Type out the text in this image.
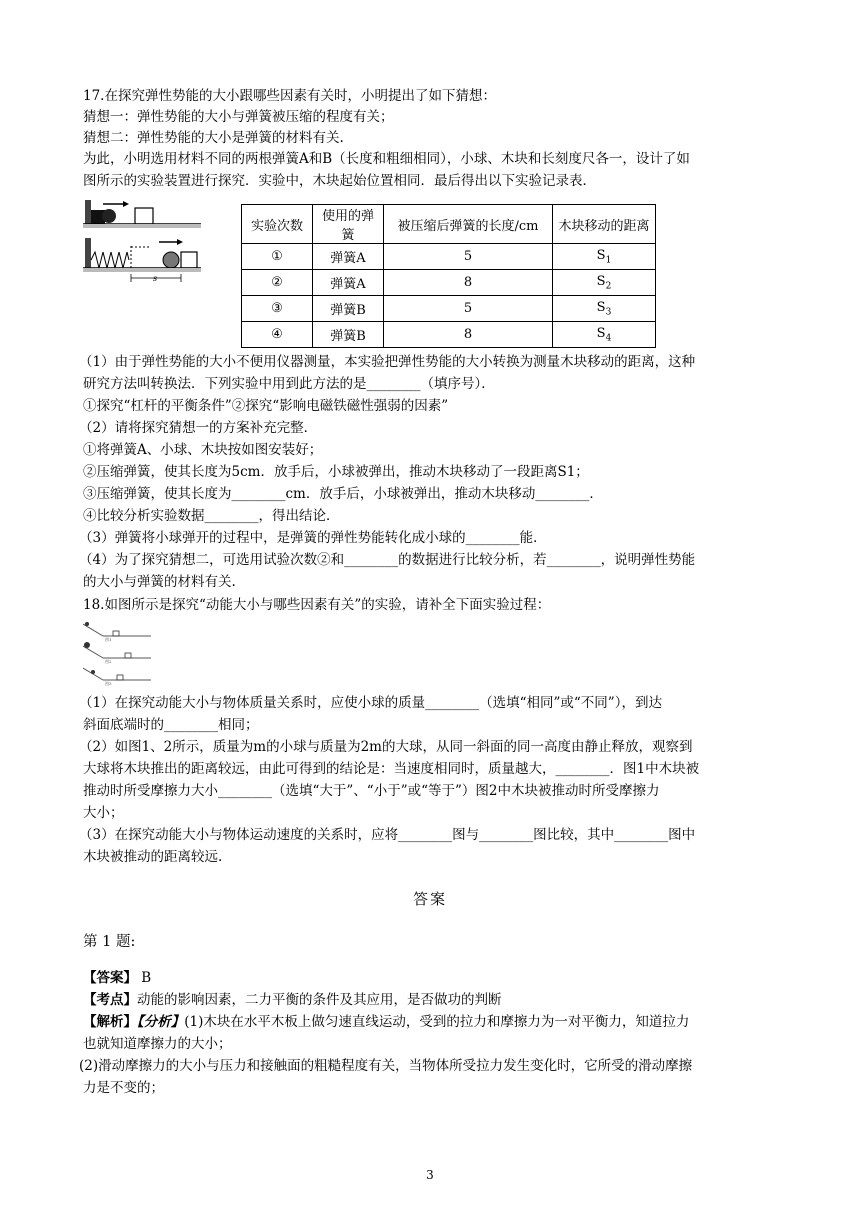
17.在探究弹性势能的大小跟哪些因素有关时，小明提出了如下猜想：
猜想一：弹性势能的大小与弹簧被压缩的程度有关；
猜想二：弹性势能的大小是弹簧的材料有关.
为此，小明选用材料不同的两根弹簧A和B（长度和粗细相同），小球、木块和长刻度尺各一，设计了如
图所示的实验装置进行探究．实验中，木块起始位置相同．最后得出以下实验记录表．
s
实验次数	使用的弹簧	被压缩后弹簧的长度/cm	木块移动的距离
①	弹簧A	5	$S_1$
②	弹簧A	8	$S_2$
③	弹簧B	5	$S_3$
④	弹簧B	8	$S_4$
（1）由于弹性势能的大小不便用仪器测量，本实验把弹性势能的大小转换为测量木块移动的距离，这种
研究方法叫转换法．下列实验中用到此方法的是________（填序号）．
①探究“杠杆的平衡条件”②探究“影响电磁铁磁性强弱的因素”
（2）请将探究猜想一的方案补充完整．
①将弹簧A、小球、木块按如图安装好；
②压缩弹簧，使其长度为5cm．放手后，小球被弹出，推动木块移动了一段距离S1；
③压缩弹簧，使其长度为________cm．放手后，小球被弹出，推动木块移动________．
④比较分析实验数据________，得出结论．
（3）弹簧将小球弹开的过程中，是弹簧的弹性势能转化成小球的________能．
（4）为了探究猜想二，可选用试验次数②和________的数据进行比较分析，若________，说明弹性势能
的大小与弹簧的材料有关.
18.如图所示是探究“动能大小与哪些因素有关”的实验，请补全下面实验过程：
图1
图2
图3
（1）在探究动能大小与物体质量关系时，应使小球的质量________（选填“相同”或“不同”），到达
斜面底端时的________相同；
（2）如图1、2所示，质量为m的小球与质量为2m的大球，从同一斜面的同一高度由静止释放，观察到
大球将木块推出的距离较远，由此可得到的结论是：当速度相同时，质量越大，________．图1中木块被
推动时所受摩擦力大小________（选填“大于”、“小于”或“等于”）图2中木块被推动时所受摩擦力
大小；
（3）在探究动能大小与物体运动速度的关系时，应将________图与________图比较，其中________图中
木块被推动的距离较远.
答案
第 1 题:
【答案】 B
【考点】动能的影响因素，二力平衡的条件及其应用，是否做功的判断
【解析】【分析】(1)木块在水平木板上做匀速直线运动，受到的拉力和摩擦力为一对平衡力，知道拉力
也就知道摩擦力的大小；
(2)滑动摩擦力的大小与压力和接触面的粗糙程度有关，当物体所受拉力发生变化时，它所受的滑动摩擦
力是不变的；
3
